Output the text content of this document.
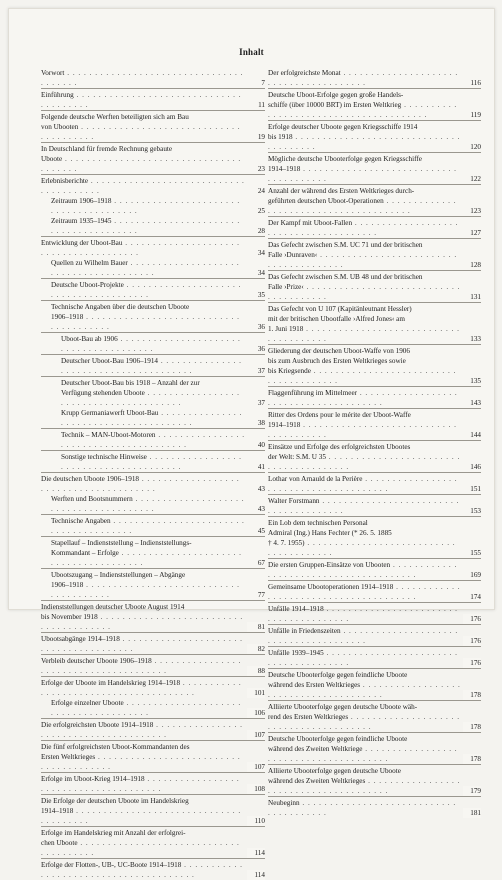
Inhalt
Vorwort . . .
7
Einführung . . .
11
Folgende deutsche Werften beteiligten sich am Bau
von Ubooten . . .
19
In Deutschland für fremde Rechnung gebaute
Uboote . . .
23
Erlebnisberichte . . .
24
Zeitraum 1906–1918 . . .
25
Zeitraum 1935–1945 . . .
28
Entwicklung der Uboot-Bau . . .
34
Quellen zu Wilhelm Bauer . . .
34
Deutsche Uboot-Projekte . . .
35
Technische Angaben über die deutschen Uboote
1906–1918 . . .
36
Uboot-Bau ab 1906 . . .
36
Deutscher Uboot-Bau 1906–1914 . . .
37
Deutscher Uboot-Bau bis 1918 – Anzahl der zur
Verfügung stehenden Uboote . . .
37
Krupp Germaniawerft Uboot-Bau . . .
38
Technik – MAN-Uboot-Motoren . . .
40
Sonstige technische Hinweise . . .
41
Die deutschen Uboote 1906–1918 . . .
43
Werften und Bootsnummern . . .
43
Technische Angaben . . .
45
Stapellauf – Indienststellung – Indienststellungs-
Kommandant – Erfolge . . .
67
Ubootszugang – Indienststellungen – Abgänge
1906–1918 . . .
77
Indienststellungen deutscher Uboote August 1914
bis November 1918 . . .
81
Ubootsabgänge 1914–1918 . . .
82
Verbleib deutscher Uboote 1906–1918 . . .
88
Erfolge der Uboote im Handelskrieg 1914–1918 . . .
101
Erfolge einzelner Uboote . . .
106
Die erfolgreichsten Uboote 1914–1918 . . .
107
Die fünf erfolgreichsten Uboot-Kommandanten des
Ersten Weltkrieges . . .
107
Erfolge im Uboot-Krieg 1914–1918 . . .
108
Die Erfolge der deutschen Uboote im Handelskrieg
1914–1918 . . .
110
Erfolge im Handelskrieg mit Anzahl der erfolgrei-
chen Uboote . . .
114
Erfolge der Flotten-, UB-, UC-Boote 1914–1918 . . .
114
Der erfolgreichste Monat . . .
116
Deutsche Uboot-Erfolge gegen große Handels-
schiffe (über 10000 BRT) im Ersten Weltkrieg . . .
119
Erfolge deutscher Uboote gegen Kriegsschiffe 1914
bis 1918 . . .
120
Mögliche deutsche Ubooterfolge gegen Kriegsschiffe
1914–1918 . . .
122
Anzahl der während des Ersten Weltkrieges durch-
geführten deutschen Uboot-Operationen . . .
123
Der Kampf mit Uboot-Fallen . . .
127
Das Gefecht zwischen S.M. UC 71 und der britischen
Falle ›Dunraven‹ . . .
128
Das Gefecht zwischen S.M. UB 48 und der britischen
Falle ›Prize‹ . . .
131
Das Gefecht von U 107 (Kapitänleutnant Hessler)
mit der britischen Ubootfalle ›Alfred Jones‹ am
1. Juni 1918 . . .
133
Gliederung der deutschen Uboot-Waffe von 1906
bis zum Ausbruch des Ersten Weltkrieges sowie
bis Kriegsende . . .
135
Flaggenführung im Mittelmeer . . .
143
Ritter des Ordens pour le mérite der Uboot-Waffe
1914–1918 . . .
144
Einsätze und Erfolge des erfolgreichsten Ubootes
der Welt: S.M. U 35 . . .
146
Lothar von Arnauld de la Perière . . .
151
Walter Forstmann . . .
153
Ein Lob dem technischen Personal
Admiral (Ing.) Hans Fechter (* 26. 5. 1885
† 4. 7. 1955) . . .
155
Die ersten Gruppen-Einsätze von Ubooten . . .
169
Gemeinsame Ubootoperationen 1914–1918 . . .
174
Unfälle 1914–1918 . . .
176
Unfälle in Friedenszeiten . . .
176
Unfälle 1939–1945 . . .
176
Deutsche Ubooterfolge gegen feindliche Uboote
während des Ersten Weltkrieges . . .
178
Alliierte Ubooterfolge gegen deutsche Uboote wäh-
rend des Ersten Weltkrieges . . .
178
Deutsche Ubooterfolge gegen feindliche Uboote
während des Zweiten Weltkriege . . .
178
Alliierte Ubooterfolge gegen deutsche Uboote
während des Zweiten Weltkrieges . . .
179
Neubeginn . . .
181
